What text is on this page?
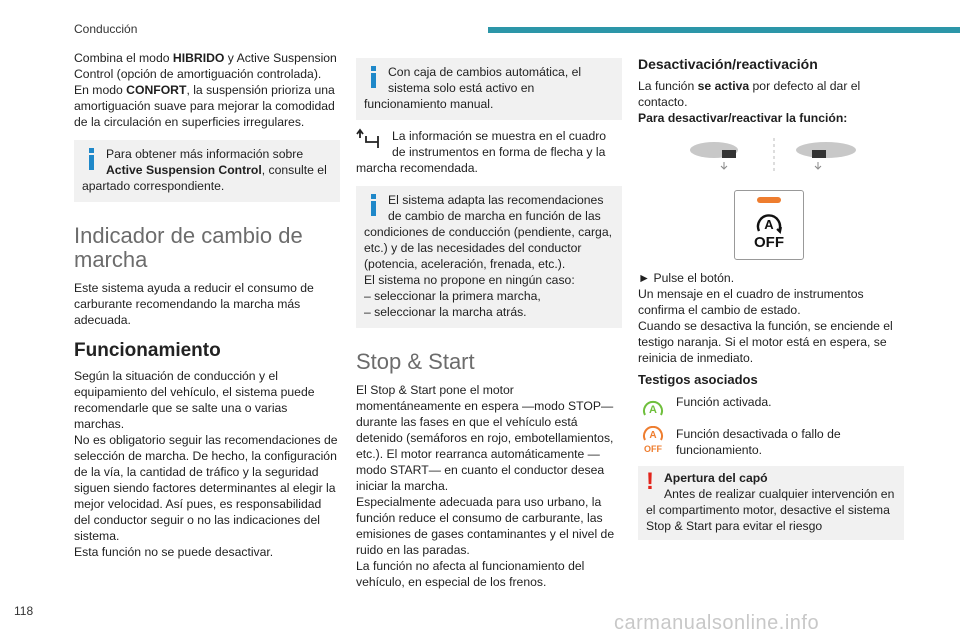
Conducción

Combina el modo HIBRIDO y Active Suspension Control (opción de amortiguación controlada).

En modo CONFORT, la suspensión prioriza una amortiguación suave para mejorar la comodidad de la circulación en superficies irregulares.

Para obtener más información sobre Active Suspension Control, consulte el apartado correspondiente.
Indicador de cambio de marcha

Este sistema ayuda a reducir el consumo de carburante recomendando la marcha más adecuada.

Funcionamiento

Según la situación de conducción y el equipamiento del vehículo, el sistema puede recomendarle que se salte una o varias marchas.

No es obligatorio seguir las recomendaciones de selección de marcha. De hecho, la configuración de la vía, la cantidad de tráfico y la seguridad siguen siendo factores determinantes al elegir la mejor velocidad. Así pues, es responsabilidad del conductor seguir o no las indicaciones del sistema.

Esta función no se puede desactivar.

Con caja de cambios automática, el sistema solo está activo en funcionamiento manual.
La información se muestra en el cuadro de instrumentos en forma de flecha y la marcha recomendada.
El sistema adapta las recomendaciones de cambio de marcha en función de las condiciones de conducción (pendiente, carga, etc.) y de las necesidades del conductor (potencia, aceleración, frenada, etc.).

El sistema no propone en ningún caso:

– seleccionar la primera marcha,

– seleccionar la marcha atrás.

Stop & Start

El Stop & Start pone el motor momentáneamente en espera —modo STOP— durante las fases en que el vehículo está detenido (semáforos en rojo, embotellamientos, etc.). El motor rearranca automáticamente — modo START— en cuanto el conductor desea iniciar la marcha.

Especialmente adecuada para uso urbano, la función reduce el consumo de carburante, las emisiones de gases contaminantes y el nivel de ruido en las paradas.

La función no afecta al funcionamiento del vehículo, en especial de los frenos.

Desactivación/reactivación

La función se activa por defecto al dar el contacto.

Para desactivar/reactivar la función:

A
OFF

► Pulse el botón.

Un mensaje en el cuadro de instrumentos confirma el cambio de estado.

Cuando se desactiva la función, se enciende el testigo naranja. Si el motor está en espera, se reinicia de inmediato.

Testigos asociados
A
Función activada.
A
OFF
Función desactivada o fallo de funcionamiento.
! Apertura del capó
Antes de realizar cualquier intervención en el compartimento motor, desactive el sistema Stop & Start para evitar el riesgo
118
carmanualsonline.info
